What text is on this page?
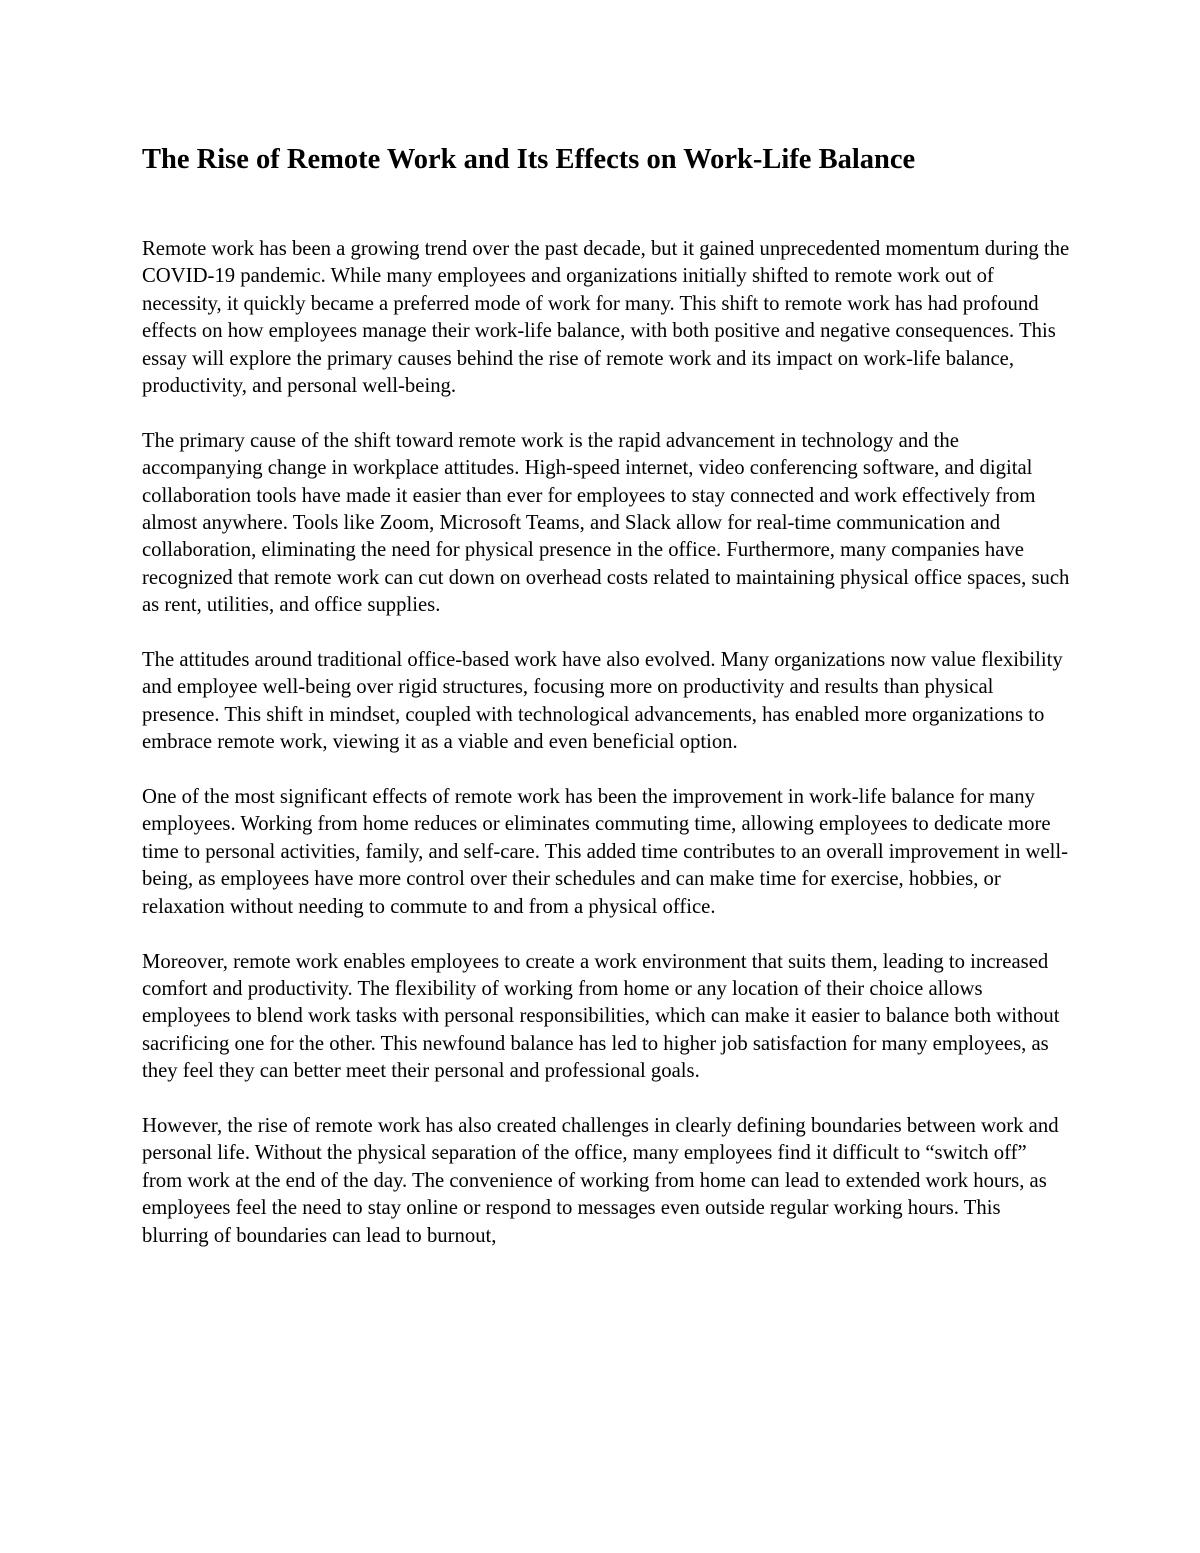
The Rise of Remote Work and Its Effects on Work-Life Balance

Remote work has been a growing trend over the past decade, but it gained unprecedented momentum during the COVID-19 pandemic. While many employees and organizations initially shifted to remote work out of necessity, it quickly became a preferred mode of work for many. This shift to remote work has had profound effects on how employees manage their work-life balance, with both positive and negative consequences. This essay will explore the primary causes behind the rise of remote work and its impact on work-life balance, productivity, and personal well-being.

The primary cause of the shift toward remote work is the rapid advancement in technology and the accompanying change in workplace attitudes. High-speed internet, video conferencing software, and digital collaboration tools have made it easier than ever for employees to stay connected and work effectively from almost anywhere. Tools like Zoom, Microsoft Teams, and Slack allow for real-time communication and collaboration, eliminating the need for physical presence in the office. Furthermore, many companies have recognized that remote work can cut down on overhead costs related to maintaining physical office spaces, such as rent, utilities, and office supplies.

The attitudes around traditional office-based work have also evolved. Many organizations now value flexibility and employee well-being over rigid structures, focusing more on productivity and results than physical presence. This shift in mindset, coupled with technological advancements, has enabled more organizations to embrace remote work, viewing it as a viable and even beneficial option.

One of the most significant effects of remote work has been the improvement in work-life balance for many employees. Working from home reduces or eliminates commuting time, allowing employees to dedicate more time to personal activities, family, and self-care. This added time contributes to an overall improvement in well-being, as employees have more control over their schedules and can make time for exercise, hobbies, or relaxation without needing to commute to and from a physical office.

Moreover, remote work enables employees to create a work environment that suits them, leading to increased comfort and productivity. The flexibility of working from home or any location of their choice allows employees to blend work tasks with personal responsibilities, which can make it easier to balance both without sacrificing one for the other. This newfound balance has led to higher job satisfaction for many employees, as they feel they can better meet their personal and professional goals.

However, the rise of remote work has also created challenges in clearly defining boundaries between work and personal life. Without the physical separation of the office, many employees find it difficult to “switch off” from work at the end of the day. The convenience of working from home can lead to extended work hours, as employees feel the need to stay online or respond to messages even outside regular working hours. This blurring of boundaries can lead to burnout,
